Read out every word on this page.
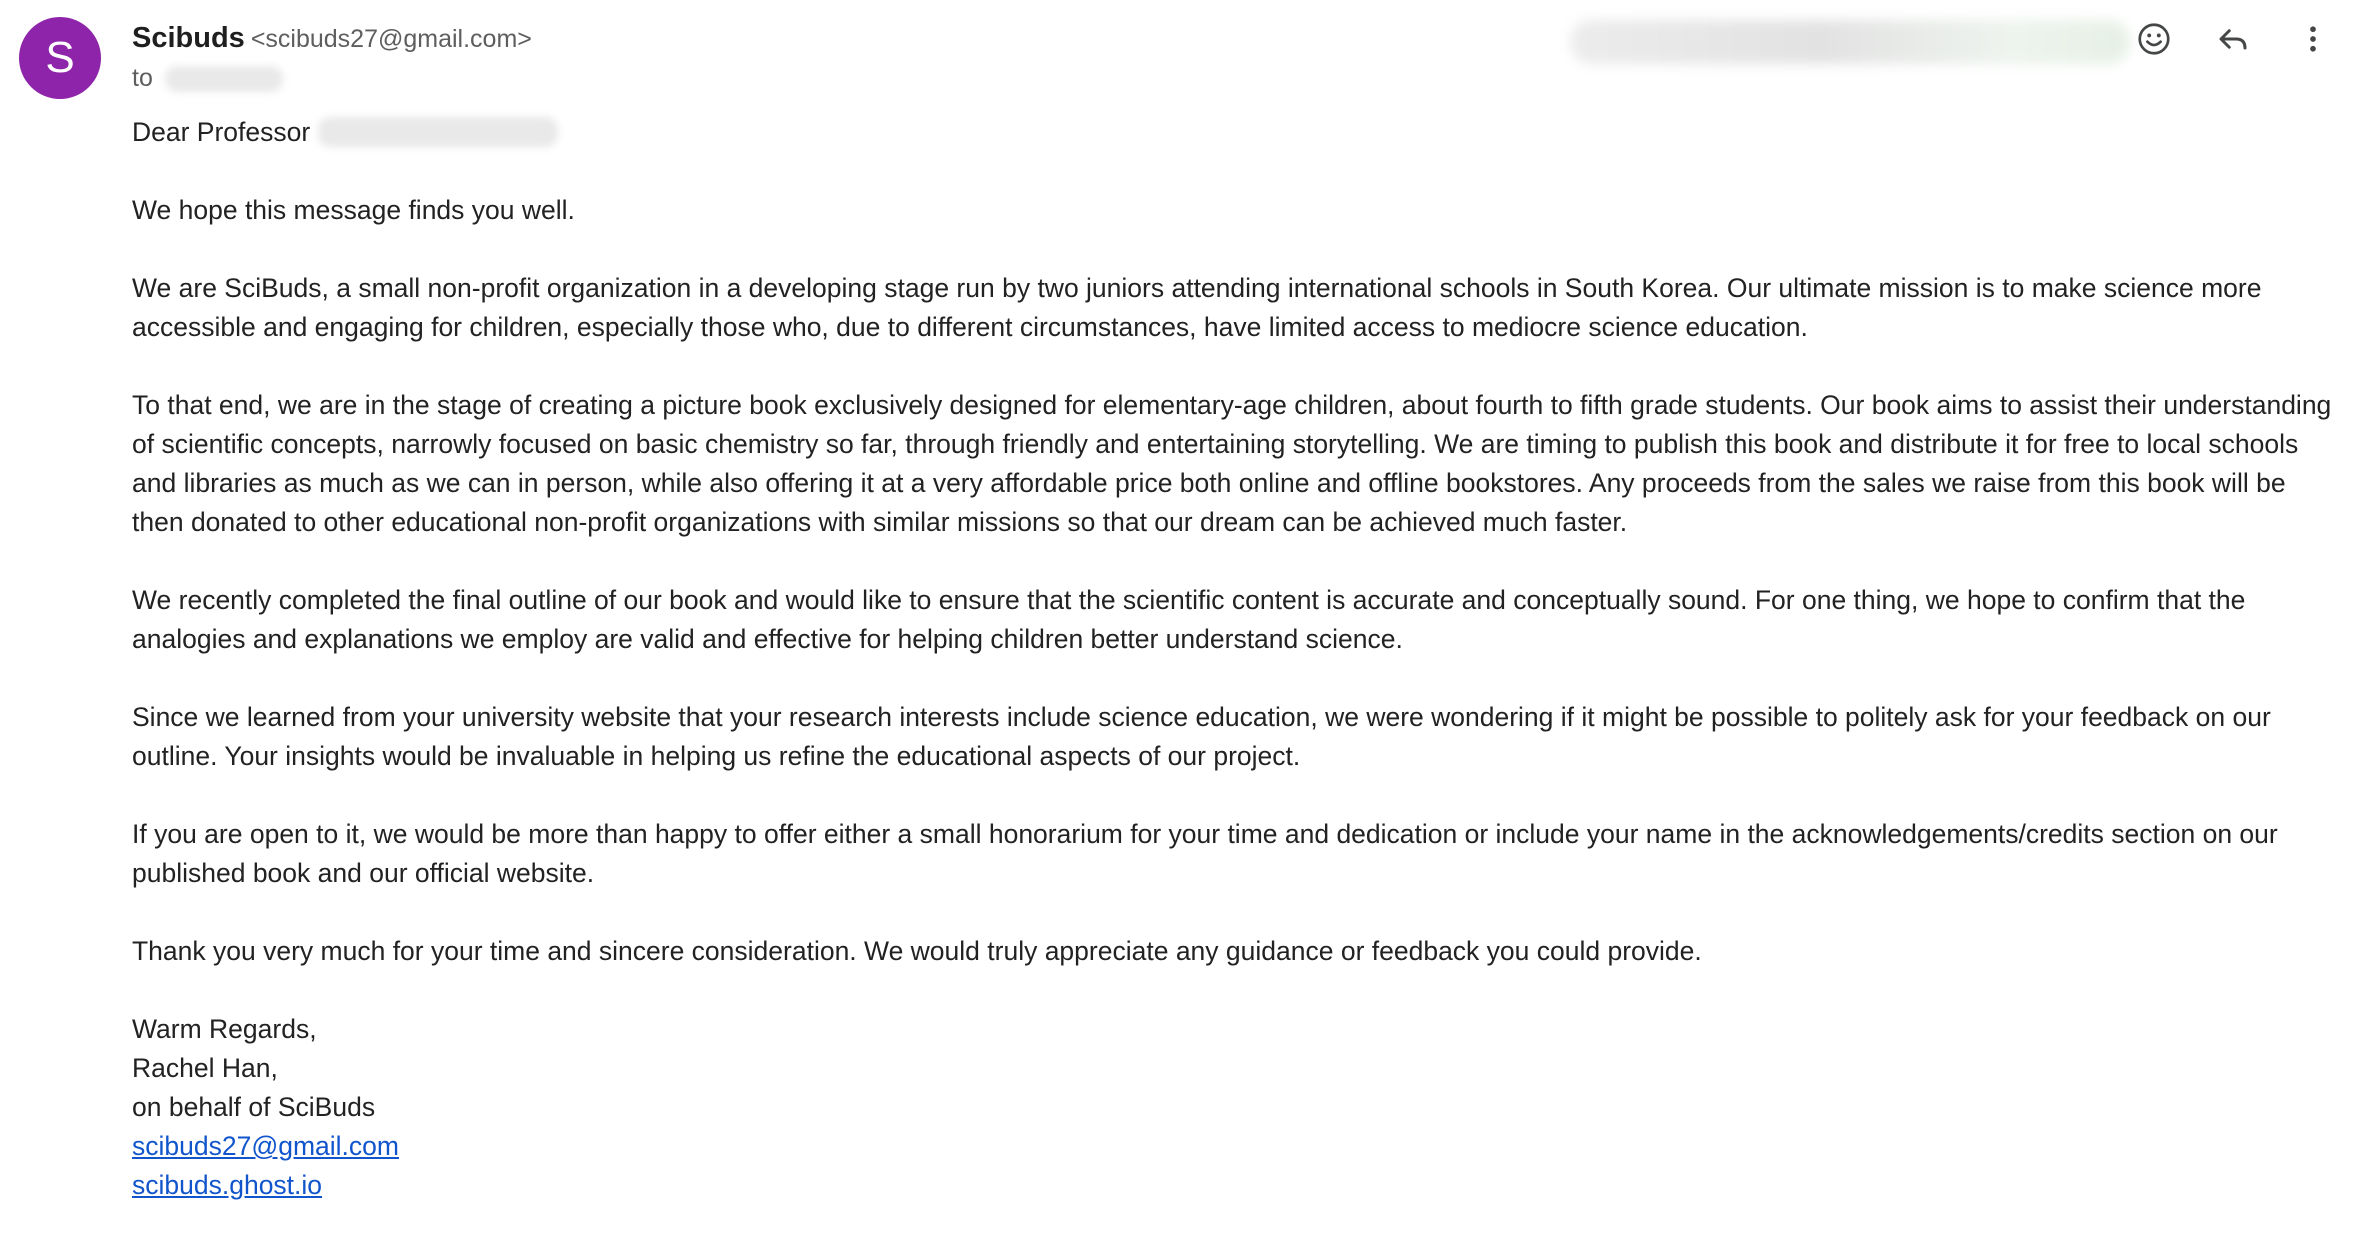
S	Scibuds <scibuds27@gmail.com>
to

Dear Professor

We hope this message finds you well.

We are SciBuds, a small non-profit organization in a developing stage run by two juniors attending international schools in South Korea. Our ultimate mission is to make science more accessible and engaging for children, especially those who, due to different circumstances, have limited access to mediocre science education.

To that end, we are in the stage of creating a picture book exclusively designed for elementary-age children, about fourth to fifth grade students. Our book aims to assist their understanding of scientific concepts, narrowly focused on basic chemistry so far, through friendly and entertaining storytelling. We are timing to publish this book and distribute it for free to local schools and libraries as much as we can in person, while also offering it at a very affordable price both online and offline bookstores. Any proceeds from the sales we raise from this book will be then donated to other educational non-profit organizations with similar missions so that our dream can be achieved much faster.

We recently completed the final outline of our book and would like to ensure that the scientific content is accurate and conceptually sound. For one thing, we hope to confirm that the analogies and explanations we employ are valid and effective for helping children better understand science.

Since we learned from your university website that your research interests include science education, we were wondering if it might be possible to politely ask for your feedback on our outline. Your insights would be invaluable in helping us refine the educational aspects of our project.

If you are open to it, we would be more than happy to offer either a small honorarium for your time and dedication or include your name in the acknowledgements/credits section on our published book and our official website.

Thank you very much for your time and sincere consideration. We would truly appreciate any guidance or feedback you could provide.

Warm Regards,
Rachel Han,
on behalf of SciBuds
scibuds27@gmail.com
scibuds.ghost.io
